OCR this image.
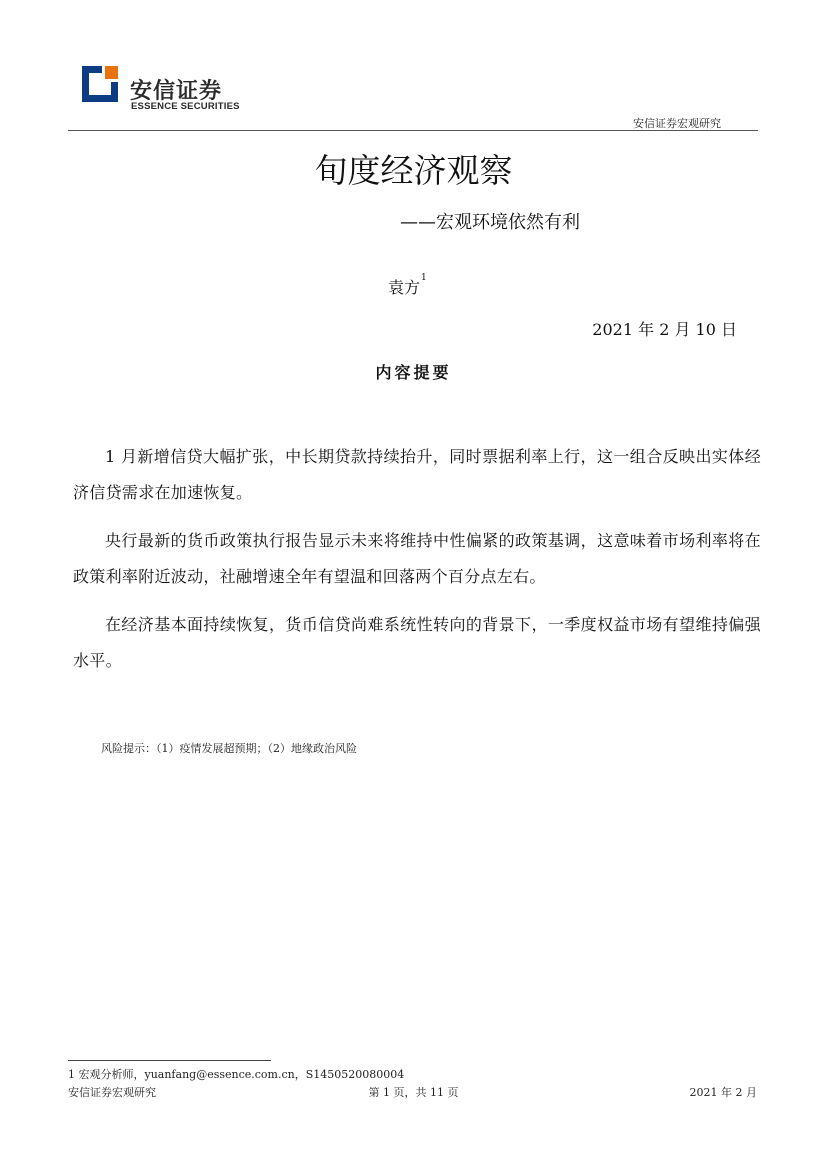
安信证券
ESSENCE SECURITIES
安信证券宏观研究
旬度经济观察
——宏观环境依然有利
袁方$^1$
2021 年 2 月 10 日
内容提要

1 月新增信贷大幅扩张，中长期贷款持续抬升，同时票据利率上行，这一组合反映出实体经济信贷需求在加速恢复。

央行最新的货币政策执行报告显示未来将维持中性偏紧的政策基调，这意味着市场利率将在政策利率附近波动，社融增速全年有望温和回落两个百分点左右。

在经济基本面持续恢复，货币信贷尚难系统性转向的背景下，一季度权益市场有望维持偏强水平。

风险提示：（1）疫情发展超预期；（2）地缘政治风险
1 宏观分析师，yuanfang@essence.com.cn，S1450520080004
安信证券宏观研究	第 1 页，共 11 页	2021 年 2 月
